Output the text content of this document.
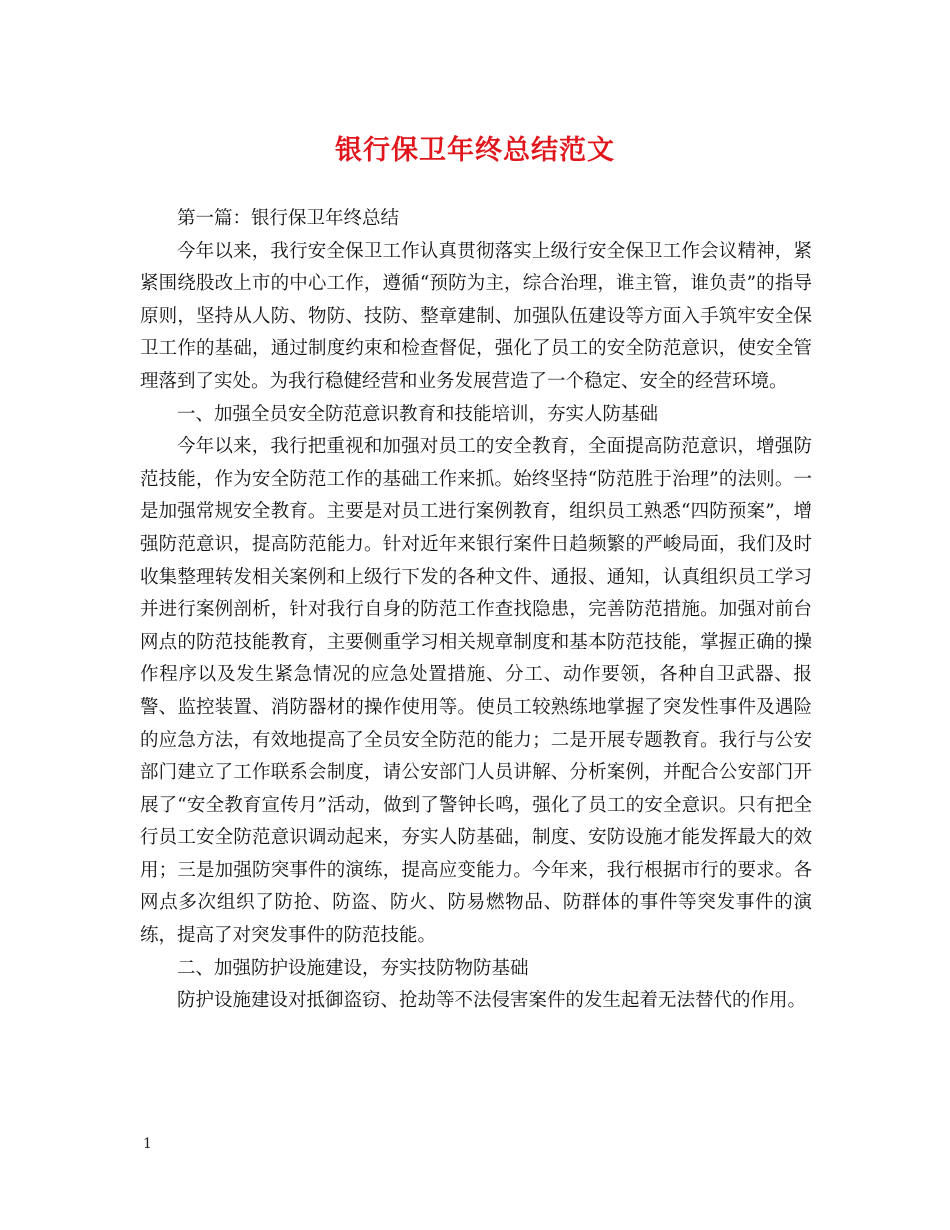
银行保卫年终总结范文

第一篇：银行保卫年终总结

今年以来，我行安全保卫工作认真贯彻落实上级行安全保卫工作会议精神，紧紧围绕股改上市的中心工作，遵循“预防为主，综合治理，谁主管，谁负责”的指导原则，坚持从人防、物防、技防、整章建制、加强队伍建设等方面入手筑牢安全保卫工作的基础，通过制度约束和检查督促，强化了员工的安全防范意识，使安全管理落到了实处。为我行稳健经营和业务发展营造了一个稳定、安全的经营环境。

一、加强全员安全防范意识教育和技能培训，夯实人防基础

今年以来，我行把重视和加强对员工的安全教育，全面提高防范意识，增强防范技能，作为安全防范工作的基础工作来抓。始终坚持“防范胜于治理”的法则。一是加强常规安全教育。主要是对员工进行案例教育，组织员工熟悉“四防预案”，增强防范意识，提高防范能力。针对近年来银行案件日趋频繁的严峻局面，我们及时收集整理转发相关案例和上级行下发的各种文件、通报、通知，认真组织员工学习并进行案例剖析，针对我行自身的防范工作查找隐患，完善防范措施。加强对前台网点的防范技能教育，主要侧重学习相关规章制度和基本防范技能，掌握正确的操作程序以及发生紧急情况的应急处置措施、分工、动作要领，各种自卫武器、报警、监控装置、消防器材的操作使用等。使员工较熟练地掌握了突发性事件及遇险的应急方法，有效地提高了全员安全防范的能力；二是开展专题教育。我行与公安部门建立了工作联系会制度，请公安部门人员讲解、分析案例，并配合公安部门开展了“安全教育宣传月”活动，做到了警钟长鸣，强化了员工的安全意识。只有把全行员工安全防范意识调动起来，夯实人防基础，制度、安防设施才能发挥最大的效用；三是加强防突事件的演练，提高应变能力。今年来，我行根据市行的要求。各网点多次组织了防抢、防盗、防火、防易燃物品、防群体的事件等突发事件的演练，提高了对突发事件的防范技能。

二、加强防护设施建设，夯实技防物防基础

防护设施建设对抵御盗窃、抢劫等不法侵害案件的发生起着无法替代的作用。

1
